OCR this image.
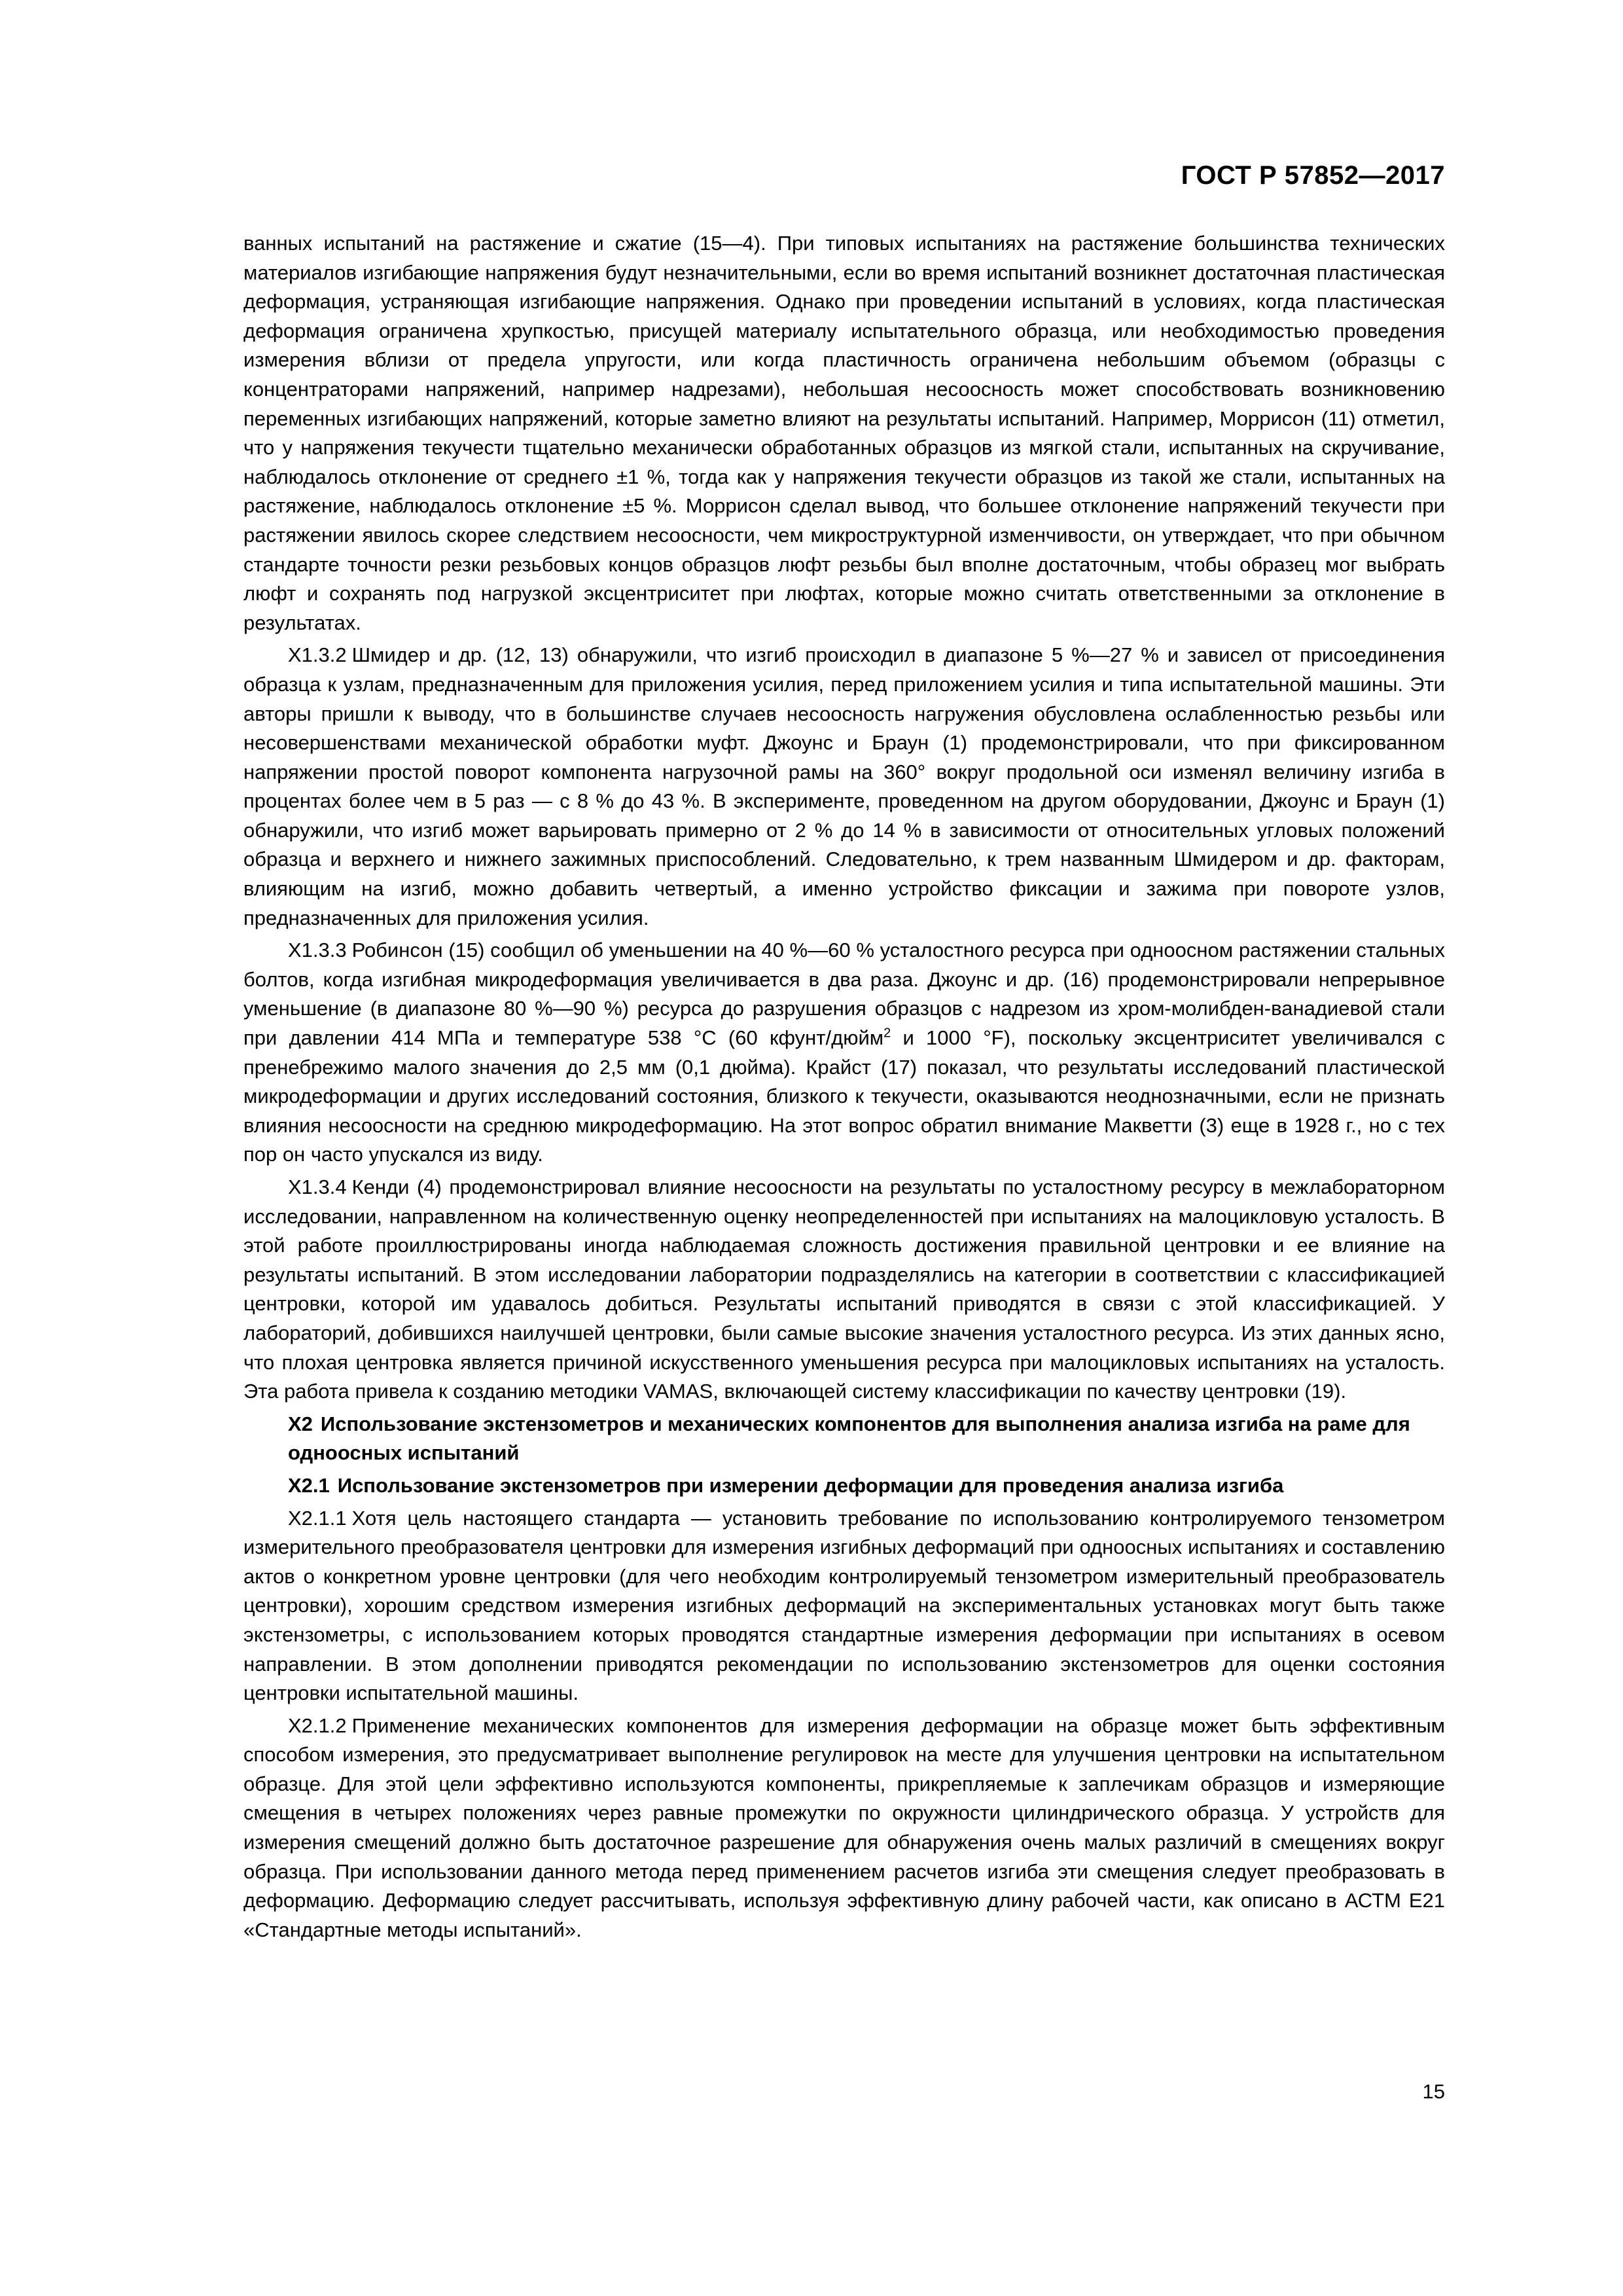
ГОСТ Р 57852—2017

ванных испытаний на растяжение и сжатие (15—4). При типовых испытаниях на растяжение большинства технических материалов изгибающие напряжения будут незначительными, если во время испытаний возникнет достаточная пластическая деформация, устраняющая изгибающие напряжения. Однако при проведении испытаний в условиях, когда пластическая деформация ограничена хрупкостью, присущей материалу испытательного образца, или необходимостью проведения измерения вблизи от предела упругости, или когда пластичность ограничена небольшим объемом (образцы с концентраторами напряжений, например надрезами), небольшая несоосность может способствовать возникновению переменных изгибающих напряжений, которые заметно влияют на результаты испытаний. Например, Моррисон (11) отметил, что у напряжения текучести тщательно механически обработанных образцов из мягкой стали, испытанных на скручивание, наблюдалось отклонение от среднего ±1 %, тогда как у напряжения текучести образцов из такой же стали, испытанных на растяжение, наблюдалось отклонение ±5 %. Моррисон сделал вывод, что большее отклонение напряжений текучести при растяжении явилось скорее следствием несоосности, чем микроструктурной изменчивости, он утверждает, что при обычном стандарте точности резки резьбовых концов образцов люфт резьбы был вполне достаточным, чтобы образец мог выбрать люфт и сохранять под нагрузкой эксцентриситет при люфтах, которые можно считать ответственными за отклонение в результатах.

X1.3.2 Шмидер и др. (12, 13) обнаружили, что изгиб происходил в диапазоне 5 %—27 % и зависел от присоединения образца к узлам, предназначенным для приложения усилия, перед приложением усилия и типа испытательной машины. Эти авторы пришли к выводу, что в большинстве случаев несоосность нагружения обусловлена ослабленностью резьбы или несовершенствами механической обработки муфт. Джоунс и Браун (1) продемонстрировали, что при фиксированном напряжении простой поворот компонента нагрузочной рамы на 360° вокруг продольной оси изменял величину изгиба в процентах более чем в 5 раз — с 8 % до 43 %. В эксперименте, проведенном на другом оборудовании, Джоунс и Браун (1) обнаружили, что изгиб может варьировать примерно от 2 % до 14 % в зависимости от относительных угловых положений образца и верхнего и нижнего зажимных приспособлений. Следовательно, к трем названным Шмидером и др. факторам, влияющим на изгиб, можно добавить четвертый, а именно устройство фиксации и зажима при повороте узлов, предназначенных для приложения усилия.

X1.3.3 Робинсон (15) сообщил об уменьшении на 40 %—60 % усталостного ресурса при одноосном растяжении стальных болтов, когда изгибная микродеформация увеличивается в два раза. Джоунс и др. (16) продемонстрировали непрерывное уменьшение (в диапазоне 80 %—90 %) ресурса до разрушения образцов с надрезом из хром-молибден-ванадиевой стали при давлении 414 МПа и температуре 538 °C (60 кфунт/дюйм$^2$ и 1000 °F), поскольку эксцентриситет увеличивался с пренебрежимо малого значения до 2,5 мм (0,1 дюйма). Крайст (17) показал, что результаты исследований пластической микродеформации и других исследований состояния, близкого к текучести, оказываются неоднозначными, если не признать влияния несоосности на среднюю микродеформацию. На этот вопрос обратил внимание Макветти (3) еще в 1928 г., но с тех пор он часто упускался из виду.

X1.3.4 Кенди (4) продемонстрировал влияние несоосности на результаты по усталостному ресурсу в межлабораторном исследовании, направленном на количественную оценку неопределенностей при испытаниях на малоцикловую усталость. В этой работе проиллюстрированы иногда наблюдаемая сложность достижения правильной центровки и ее влияние на результаты испытаний. В этом исследовании лаборатории подразделялись на категории в соответствии с классификацией центровки, которой им удавалось добиться. Результаты испытаний приводятся в связи с этой классификацией. У лабораторий, добившихся наилучшей центровки, были самые высокие значения усталостного ресурса. Из этих данных ясно, что плохая центровка является причиной искусственного уменьшения ресурса при малоцикловых испытаниях на усталость. Эта работа привела к созданию методики VAMAS, включающей систему классификации по качеству центровки (19).

X2 Использование экстензометров и механических компонентов для выполнения анализа изгиба на раме для одноосных испытаний
X2.1 Использование экстензометров при измерении деформации для проведения анализа изгиба

X2.1.1 Хотя цель настоящего стандарта — установить требование по использованию контролируемого тензометром измерительного преобразователя центровки для измерения изгибных деформаций при одноосных испытаниях и составлению актов о конкретном уровне центровки (для чего необходим контролируемый тензометром измерительный преобразователь центровки), хорошим средством измерения изгибных деформаций на экспериментальных установках могут быть также экстензометры, с использованием которых проводятся стандартные измерения деформации при испытаниях в осевом направлении. В этом дополнении приводятся рекомендации по использованию экстензометров для оценки состояния центровки испытательной машины.

X2.1.2 Применение механических компонентов для измерения деформации на образце может быть эффективным способом измерения, это предусматривает выполнение регулировок на месте для улучшения центровки на испытательном образце. Для этой цели эффективно используются компоненты, прикрепляемые к заплечикам образцов и измеряющие смещения в четырех положениях через равные промежутки по окружности цилиндрического образца. У устройств для измерения смещений должно быть достаточное разрешение для обнаружения очень малых различий в смещениях вокруг образца. При использовании данного метода перед применением расчетов изгиба эти смещения следует преобразовать в деформацию. Деформацию следует рассчитывать, используя эффективную длину рабочей части, как описано в АСТМ Е21 «Стандартные методы испытаний».

15
